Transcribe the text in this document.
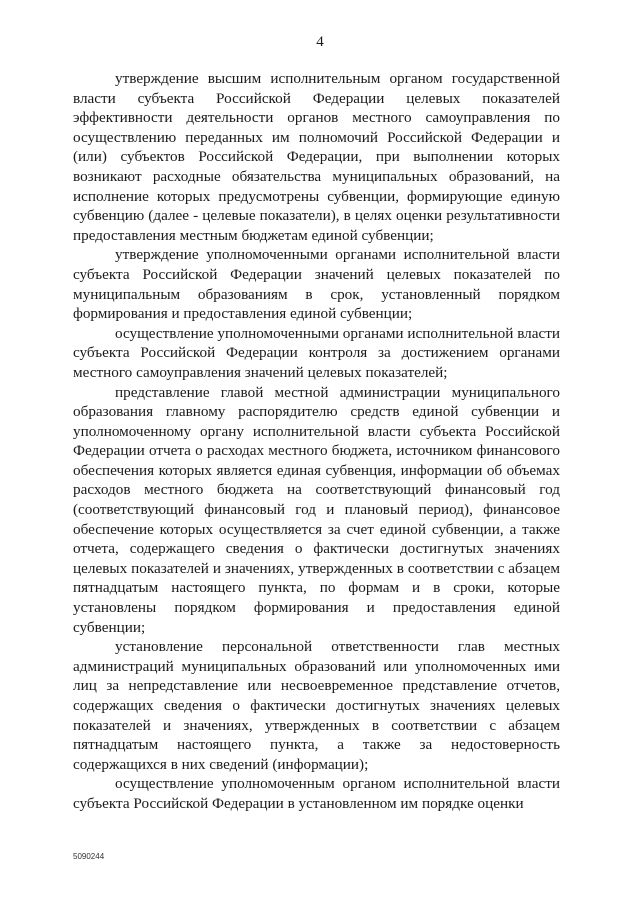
4

утверждение высшим исполнительным органом государственной власти субъекта Российской Федерации целевых показателей эффективности деятельности органов местного самоуправления по осуществлению переданных им полномочий Российской Федерации и (или) субъектов Российской Федерации, при выполнении которых возникают расходные обязательства муниципальных образований, на исполнение которых предусмотрены субвенции, формирующие единую субвенцию (далее - целевые показатели), в целях оценки результативности предоставления местным бюджетам единой субвенции;

утверждение уполномоченными органами исполнительной власти субъекта Российской Федерации значений целевых показателей по муниципальным образованиям в срок, установленный порядком формирования и предоставления единой субвенции;

осуществление уполномоченными органами исполнительной власти субъекта Российской Федерации контроля за достижением органами местного самоуправления значений целевых показателей;

представление главой местной администрации муниципального образования главному распорядителю средств единой субвенции и уполномоченному органу исполнительной власти субъекта Российской Федерации отчета о расходах местного бюджета, источником финансового обеспечения которых является единая субвенция, информации об объемах расходов местного бюджета на соответствующий финансовый год (соответствующий финансовый год и плановый период), финансовое обеспечение которых осуществляется за счет единой субвенции, а также отчета, содержащего сведения о фактически достигнутых значениях целевых показателей и значениях, утвержденных в соответствии с абзацем пятнадцатым настоящего пункта, по формам и в сроки, которые установлены порядком формирования и предоставления единой субвенции;

установление персональной ответственности глав местных администраций муниципальных образований или уполномоченных ими лиц за непредставление или несвоевременное представление отчетов, содержащих сведения о фактически достигнутых значениях целевых показателей и значениях, утвержденных в соответствии с абзацем пятнадцатым настоящего пункта, а также за недостоверность содержащихся в них сведений (информации);

осуществление уполномоченным органом исполнительной власти субъекта Российской Федерации в установленном им порядке оценки

5090244
